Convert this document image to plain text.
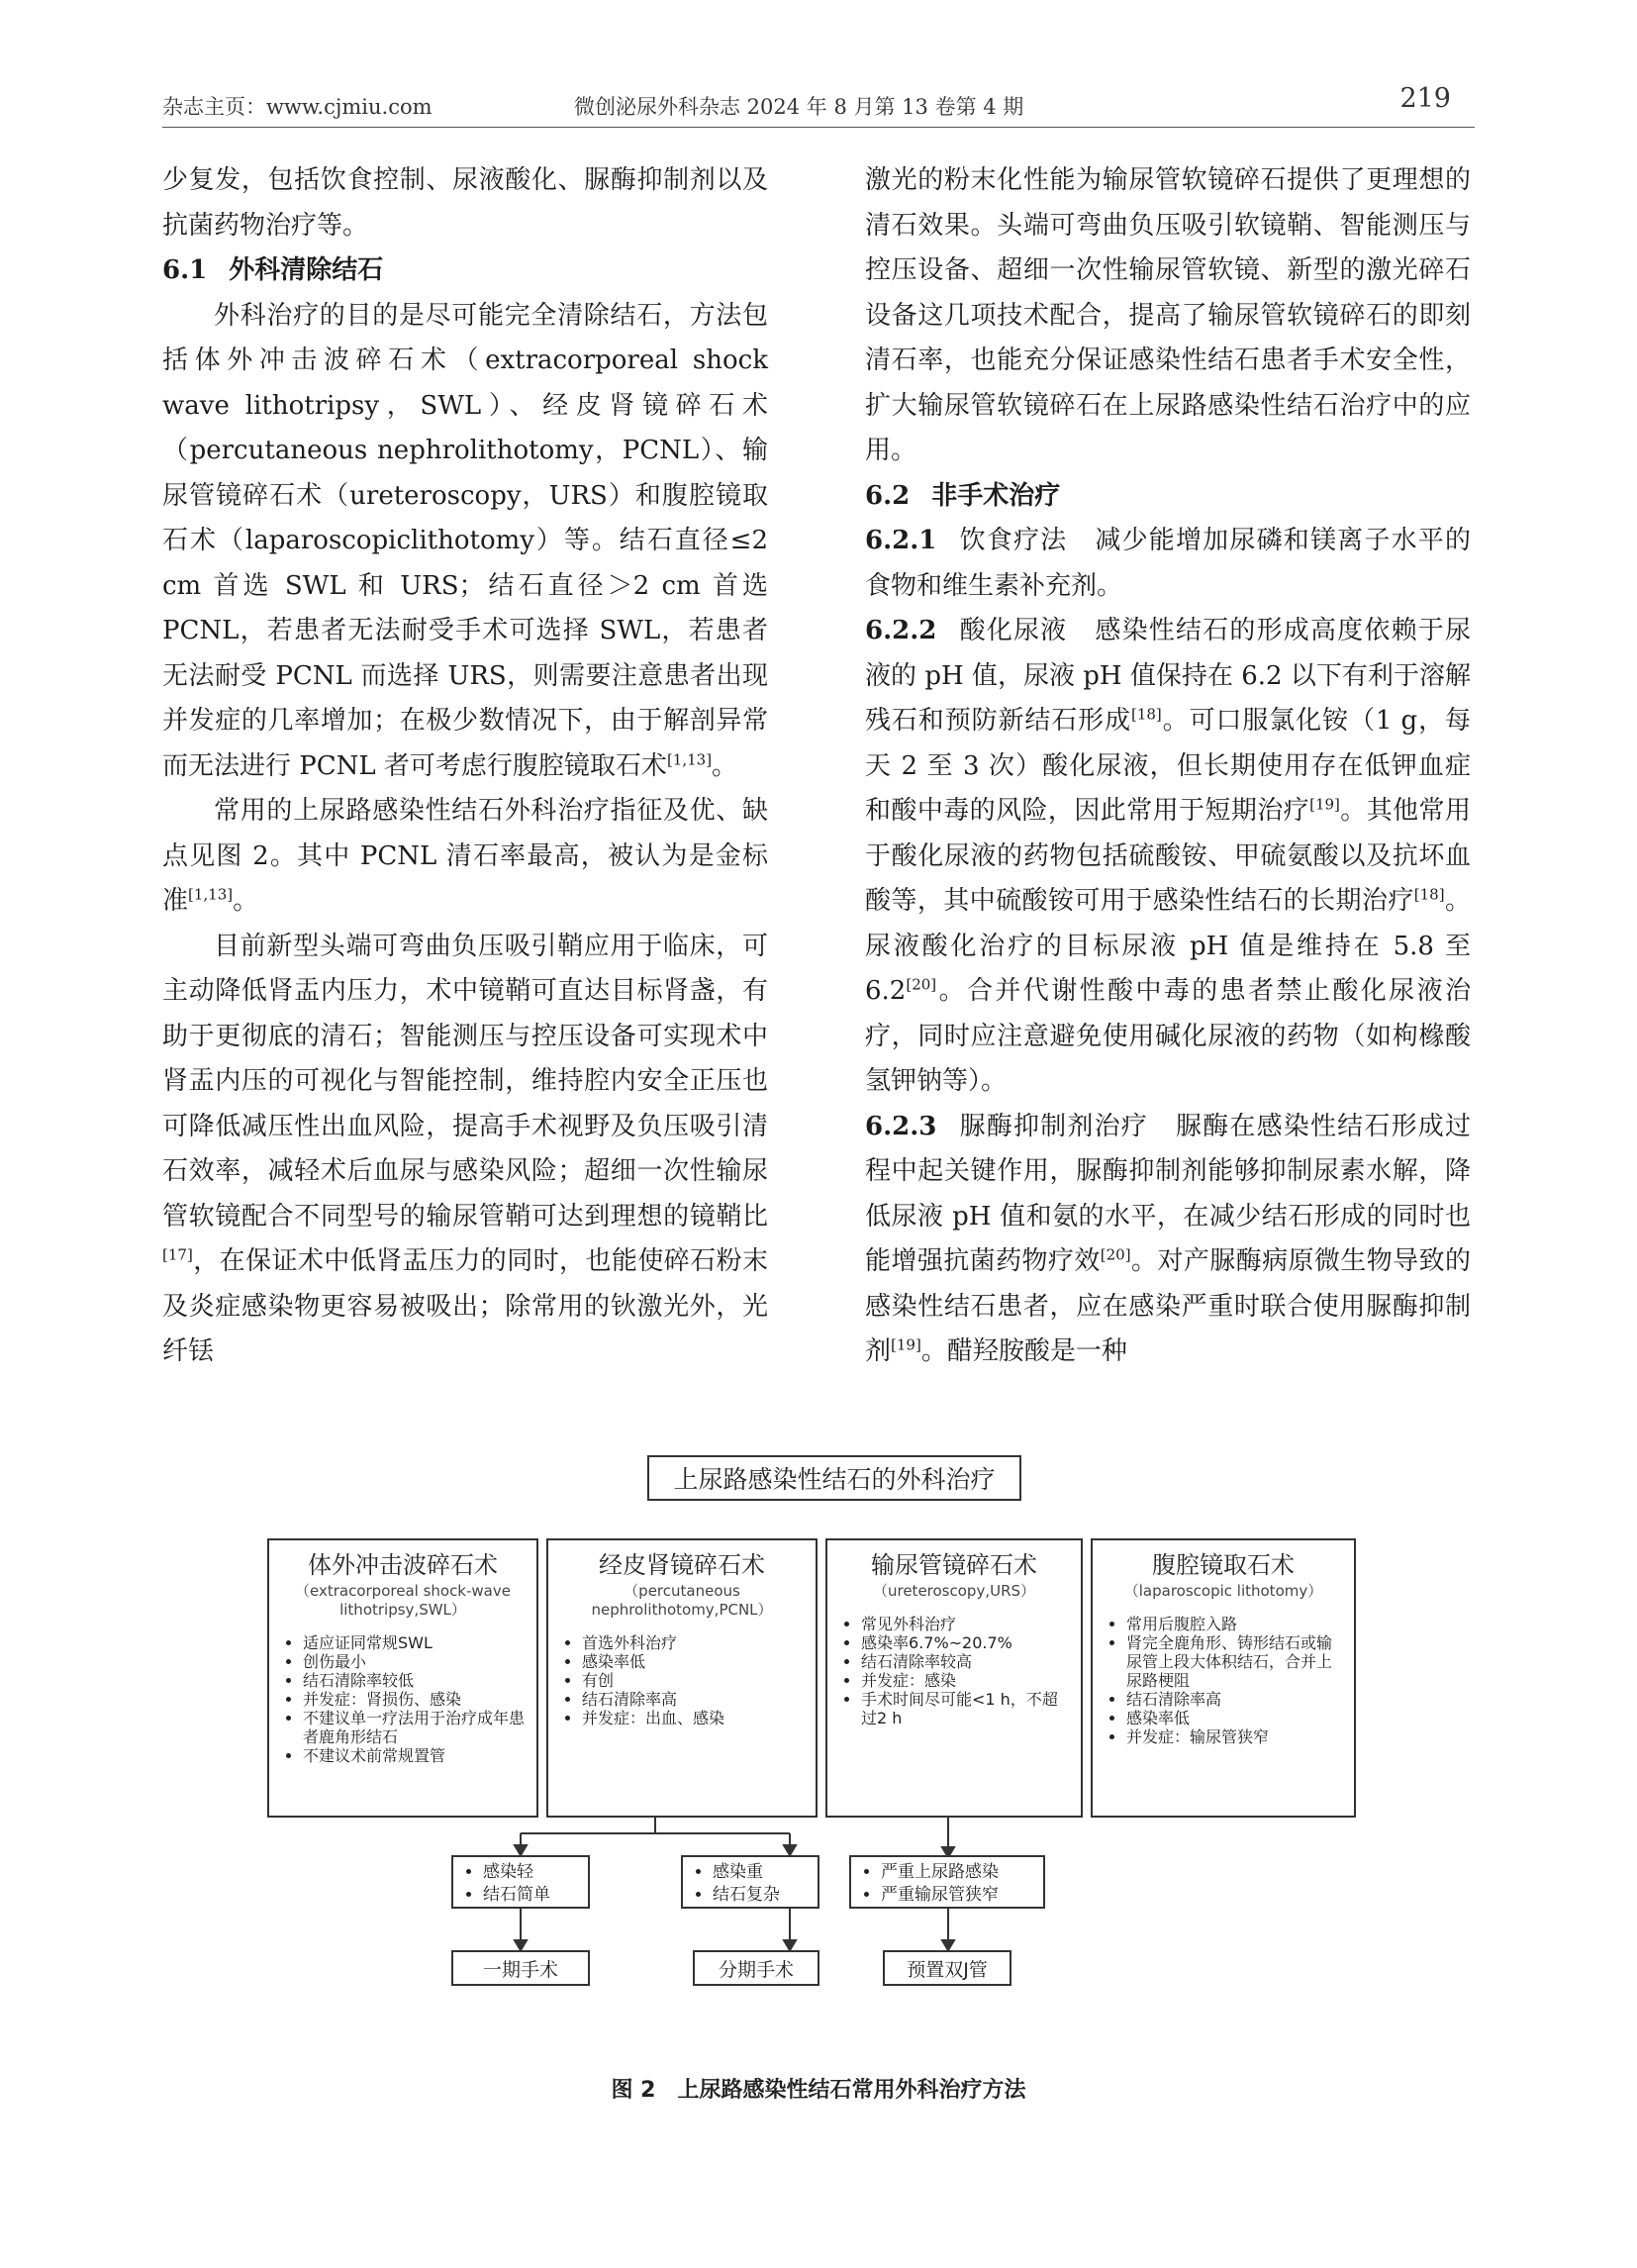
杂志主页：www.cjmiu.com	微创泌尿外科杂志 2024 年 8 月第 13 卷第 4 期	219

少复发，包括饮食控制、尿液酸化、脲酶抑制剂以及抗菌药物治疗等。

6.1 外科清除结石

外科治疗的目的是尽可能完全清除结石，方法包括体外冲击波碎石术（extracorporeal shock wave lithotripsy，SWL）、经皮肾镜碎石术（percutaneous nephrolithotomy，PCNL）、输尿管镜碎石术（ureteroscopy，URS）和腹腔镜取石术（laparoscopiclithotomy）等。结石直径≤2 cm 首选 SWL 和 URS；结石直径＞2 cm 首选 PCNL，若患者无法耐受手术可选择 SWL，若患者无法耐受 PCNL 而选择 URS，则需要注意患者出现并发症的几率增加；在极少数情况下，由于解剖异常而无法进行 PCNL 者可考虑行腹腔镜取石术[1,13]。

常用的上尿路感染性结石外科治疗指征及优、缺点见图 2。其中 PCNL 清石率最高，被认为是金标准[1,13]。

目前新型头端可弯曲负压吸引鞘应用于临床，可主动降低肾盂内压力，术中镜鞘可直达目标肾盏，有助于更彻底的清石；智能测压与控压设备可实现术中肾盂内压的可视化与智能控制，维持腔内安全正压也可降低减压性出血风险，提高手术视野及负压吸引清石效率，减轻术后血尿与感染风险；超细一次性输尿管软镜配合不同型号的输尿管鞘可达到理想的镜鞘比[17]，在保证术中低肾盂压力的同时，也能使碎石粉末及炎症感染物更容易被吸出；除常用的钬激光外，光纤铥

激光的粉末化性能为输尿管软镜碎石提供了更理想的清石效果。头端可弯曲负压吸引软镜鞘、智能测压与控压设备、超细一次性输尿管软镜、新型的激光碎石设备这几项技术配合，提高了输尿管软镜碎石的即刻清石率，也能充分保证感染性结石患者手术安全性，扩大输尿管软镜碎石在上尿路感染性结石治疗中的应用。

6.2 非手术治疗

6.2.1 饮食疗法 减少能增加尿磷和镁离子水平的食物和维生素补充剂。

6.2.2 酸化尿液 感染性结石的形成高度依赖于尿液的 pH 值，尿液 pH 值保持在 6.2 以下有利于溶解残石和预防新结石形成[18]。可口服氯化铵（1 g，每天 2 至 3 次）酸化尿液，但长期使用存在低钾血症和酸中毒的风险，因此常用于短期治疗[19]。其他常用于酸化尿液的药物包括硫酸铵、甲硫氨酸以及抗坏血酸等，其中硫酸铵可用于感染性结石的长期治疗[18]。尿液酸化治疗的目标尿液 pH 值是维持在 5.8 至 6.2[20]。合并代谢性酸中毒的患者禁止酸化尿液治疗，同时应注意避免使用碱化尿液的药物（如枸橼酸氢钾钠等）。

6.2.3 脲酶抑制剂治疗 脲酶在感染性结石形成过程中起关键作用，脲酶抑制剂能够抑制尿素水解，降低尿液 pH 值和氨的水平，在减少结石形成的同时也能增强抗菌药物疗效[20]。对产脲酶病原微生物导致的感染性结石患者，应在感染严重时联合使用脲酶抑制剂[19]。醋羟胺酸是一种

上尿路感染性结石的外科治疗
体外冲击波碎石术
（extracorporeal shock-wave lithotripsy,SWL）
• 适应证同常规SWL
• 创伤最小
• 结石清除率较低
• 并发症：肾损伤、感染
• 不建议单一疗法用于治疗成年患者鹿角形结石
• 不建议术前常规置管
经皮肾镜碎石术
（percutaneous nephrolithotomy,PCNL）
• 首选外科治疗
• 感染率低
• 有创
• 结石清除率高
• 并发症：出血、感染
输尿管镜碎石术
（ureteroscopy,URS）
• 常见外科治疗
• 感染率6.7%~20.7%
• 结石清除率较高
• 并发症：感染
• 手术时间尽可能<1 h，不超过2 h
腹腔镜取石术
（laparoscopic lithotomy）
• 常用后腹腔入路
• 肾完全鹿角形、铸形结石或输尿管上段大体积结石，合并上尿路梗阻
• 结石清除率高
• 感染率低
• 并发症：输尿管狭窄
• 感染轻
• 结石简单
• 感染重
• 结石复杂
• 严重上尿路感染
• 严重输尿管狭窄
一期手术	分期手术	预置双J管
图 2　上尿路感染性结石常用外科治疗方法
